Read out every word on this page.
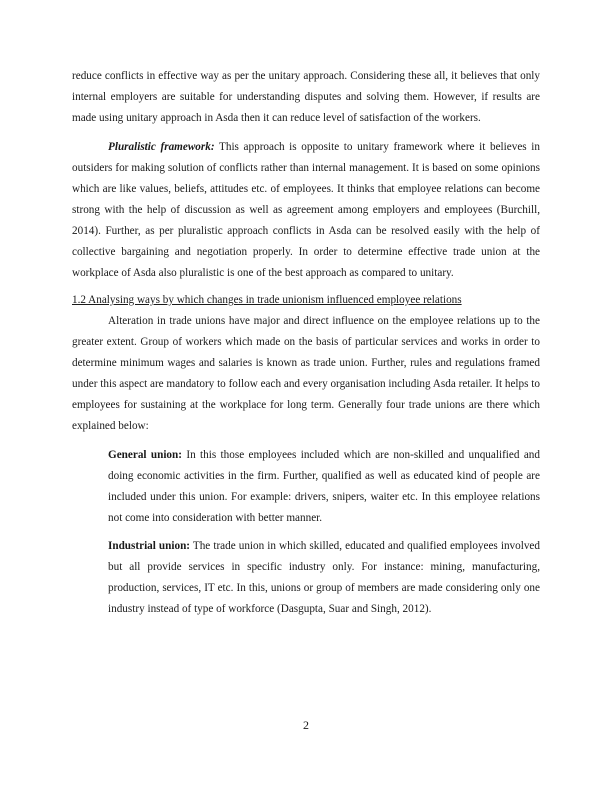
reduce conflicts in effective way as per the unitary approach. Considering these all, it believes that only internal employers are suitable for understanding disputes and solving them. However, if results are made using unitary approach in Asda then it can reduce level of satisfaction of the workers.

Pluralistic framework: This approach is opposite to unitary framework where it believes in outsiders for making solution of conflicts rather than internal management. It is based on some opinions which are like values, beliefs, attitudes etc. of employees. It thinks that employee relations can become strong with the help of discussion as well as agreement among employers and employees (Burchill, 2014). Further, as per pluralistic approach conflicts in Asda can be resolved easily with the help of collective bargaining and negotiation properly. In order to determine effective trade union at the workplace of Asda also pluralistic is one of the best approach as compared to unitary.

1.2 Analysing ways by which changes in trade unionism influenced employee relations

Alteration in trade unions have major and direct influence on the employee relations up to the greater extent. Group of workers which made on the basis of particular services and works in order to determine minimum wages and salaries is known as trade union. Further, rules and regulations framed under this aspect are mandatory to follow each and every organisation including Asda retailer. It helps to employees for sustaining at the workplace for long term. Generally four trade unions are there which explained below:

General union: In this those employees included which are non-skilled and unqualified and doing economic activities in the firm. Further, qualified as well as educated kind of people are included under this union. For example: drivers, snipers, waiter etc. In this employee relations not come into consideration with better manner.
Industrial union: The trade union in which skilled, educated and qualified employees involved but all provide services in specific industry only. For instance: mining, manufacturing, production, services, IT etc. In this, unions or group of members are made considering only one industry instead of type of workforce (Dasgupta, Suar and Singh, 2012).
2
